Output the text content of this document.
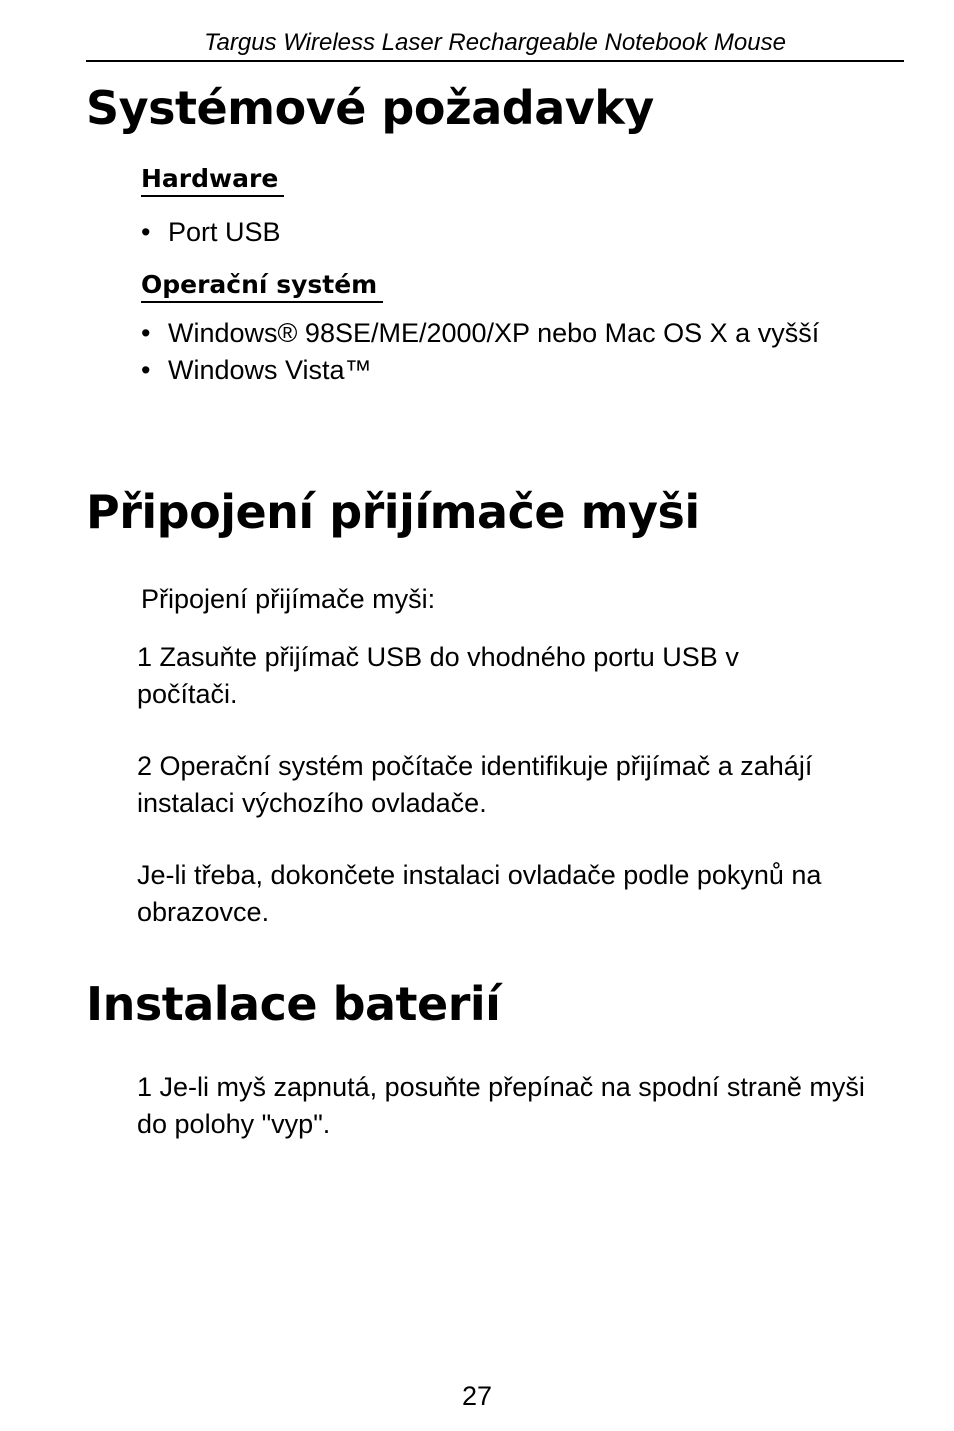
Targus Wireless Laser Rechargeable Notebook Mouse
Systémové požadavky
Hardware
• Port USB
Operační systém
• Windows® 98SE/ME/2000/XP nebo Mac OS X a vyšší
• Windows Vista™
Připojení přijímače myši

Připojení přijímače myši:

1 Zasuňte přijímač USB do vhodného portu USB v počítači.

2 Operační systém počítače identifikuje přijímač a zahájí instalaci výchozího ovladače.

Je-li třeba, dokončete instalaci ovladače podle pokynů na obrazovce.

Instalace baterií

1 Je-li myš zapnutá, posuňte přepínač na spodní straně myši do polohy "vyp".

27
